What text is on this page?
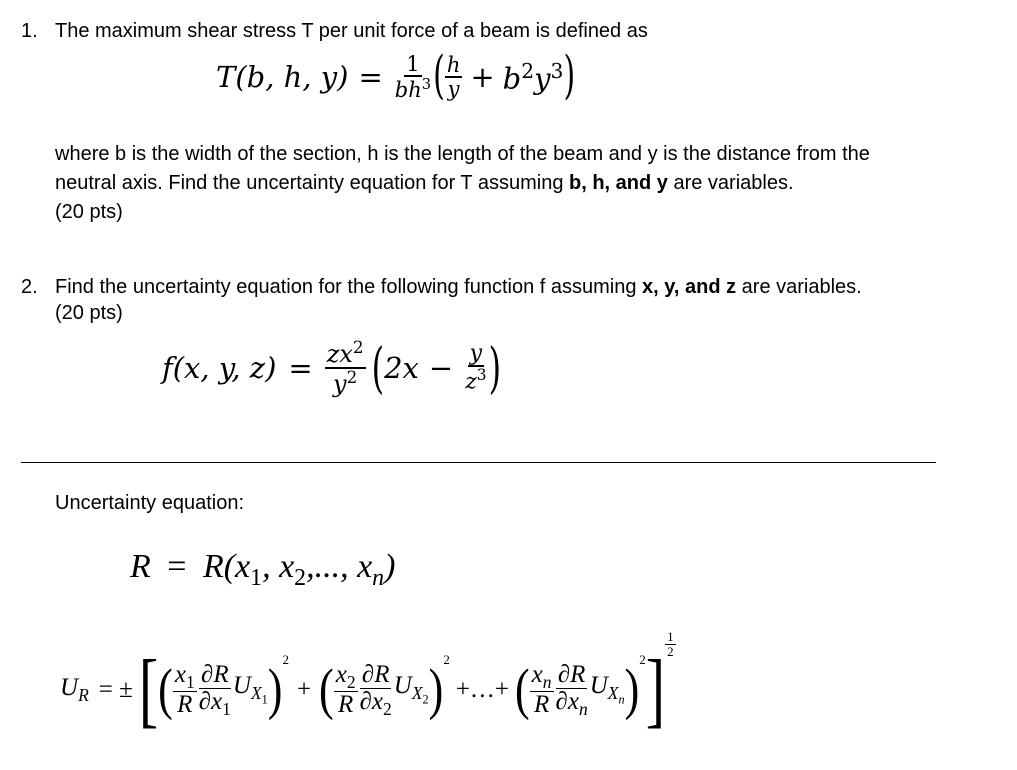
1. The maximum shear stress T per unit force of a beam is defined as
T(b, h, $y) = \frac{1}{bh^3}$ ( $\frac{h}{y} + b^2y^3$ )
where b is the width of the section, h is the length of the beam and y is the distance from the
neutral axis. Find the uncertainty equation for T assuming b, h, and y are variables.
(20 pts)
2. Find the uncertainty equation for the following function f assuming x, y, and z are variables.
(20 pts)
f(x, y, $z) = \frac{zx^2}{y^2}$ ( $2x - \frac{y}{z^3}$ )
Uncertainty equation:
$R = R(x_1$, $x_2$,..., $x_n$)
$U_R$ = ± [ ( $\frac{x_1}{R} \frac{\partial R}{\partial x_1} U_{X_1}$ )$^2$
+ ( $\frac{x_2}{R} \frac{\partial R}{\partial x_2} U_{X_2}$ )$^2$
+…+ ( $\frac{x_n}{R} \frac{\partial R}{\partial x_n} U_{X_n}$ )$^2$ ] $\frac{1}{2}$
